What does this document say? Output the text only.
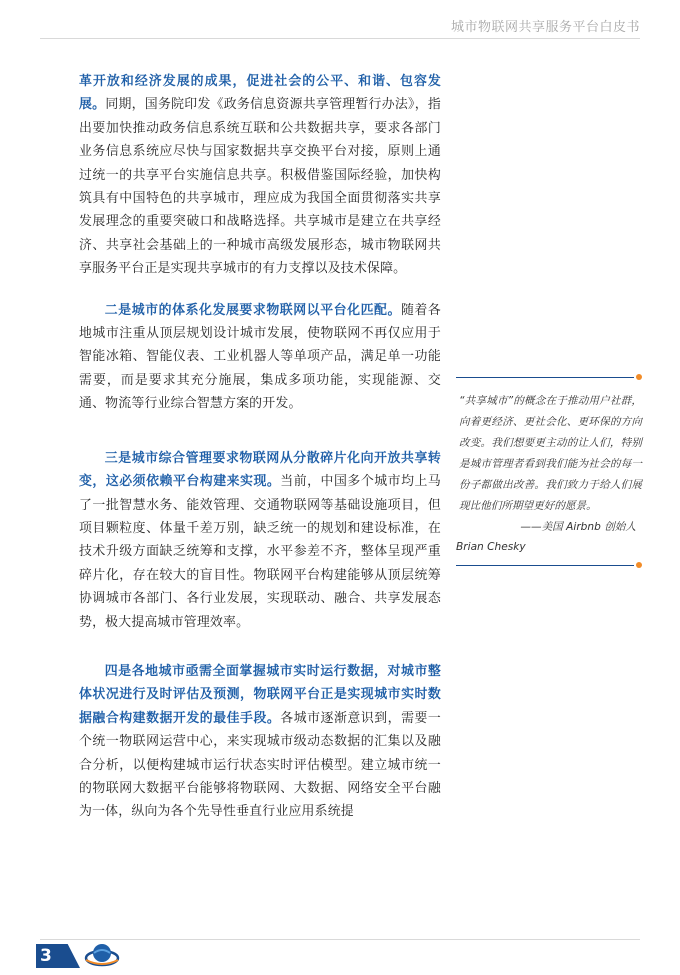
城市物联网共享服务平台白皮书

革开放和经济发展的成果，促进社会的公平、和谐、包容发展。同期，国务院印发《政务信息资源共享管理暂行办法》，指出要加快推动政务信息系统互联和公共数据共享，要求各部门业务信息系统应尽快与国家数据共享交换平台对接，原则上通过统一的共享平台实施信息共享。积极借鉴国际经验，加快构筑具有中国特色的共享城市，理应成为我国全面贯彻落实共享发展理念的重要突破口和战略选择。共享城市是建立在共享经济、共享社会基础上的一种城市高级发展形态，城市物联网共享服务平台正是实现共享城市的有力支撑以及技术保障。

二是城市的体系化发展要求物联网以平台化匹配。随着各地城市注重从顶层规划设计城市发展，使物联网不再仅应用于智能冰箱、智能仪表、工业机器人等单项产品，满足单一功能需要，而是要求其充分施展，集成多项功能，实现能源、交通、物流等行业综合智慧方案的开发。

三是城市综合管理要求物联网从分散碎片化向开放共享转变，这必须依赖平台构建来实现。当前，中国多个城市均上马了一批智慧水务、能效管理、交通物联网等基础设施项目，但项目颗粒度、体量千差万别，缺乏统一的规划和建设标准，在技术升级方面缺乏统筹和支撑，水平参差不齐，整体呈现严重碎片化，存在较大的盲目性。物联网平台构建能够从顶层统筹协调城市各部门、各行业发展，实现联动、融合、共享发展态势，极大提高城市管理效率。

四是各地城市亟需全面掌握城市实时运行数据，对城市整体状况进行及时评估及预测，物联网平台正是实现城市实时数据融合构建数据开发的最佳手段。各城市逐渐意识到，需要一个统一物联网运营中心，来实现城市级动态数据的汇集以及融合分析，以便构建城市运行状态实时评估模型。建立城市统一的物联网大数据平台能够将物联网、大数据、网络安全平台融为一体，纵向为各个先导性垂直行业应用系统提

“共享城市”的概念在于推动用户社群，向着更经济、更社会化、更环保的方向改变。我们想要更主动的让人们，特别是城市管理者看到我们能为社会的每一份子都做出改善。我们致力于给人们展现比他们所期望更好的愿景。

——美国 Airbnb 创始人

Brian Chesky

3
